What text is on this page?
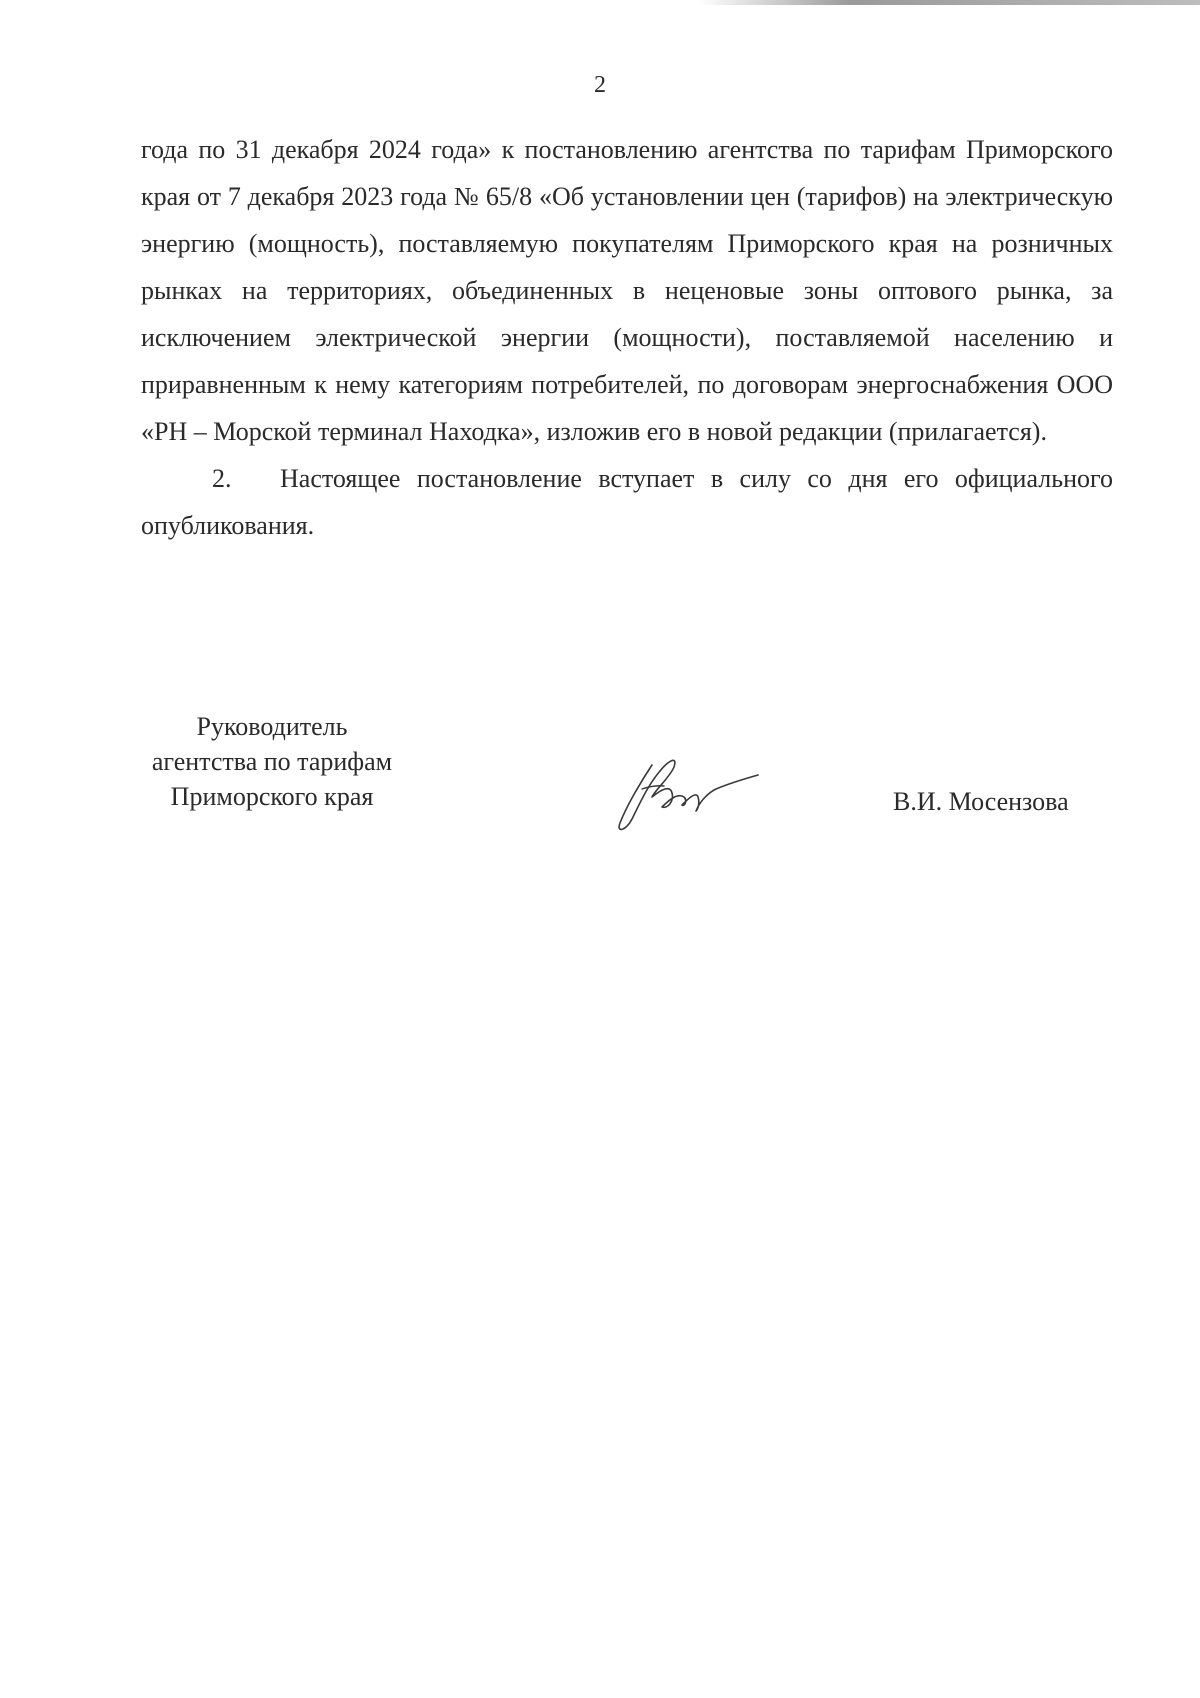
2

года по 31 декабря 2024 года» к постановлению агентства по тарифам Приморского края от 7 декабря 2023 года № 65/8 «Об установлении цен (тарифов) на электрическую энергию (мощность), поставляемую покупателям Приморского края на розничных рынках на территориях, объединенных в неценовые зоны оптового рынка, за исключением электрической энергии (мощности), поставляемой населению и приравненным к нему категориям потребителей, по договорам энергоснабжения ООО «РН – Морской терминал Находка», изложив его в новой редакции (прилагается).

2. Настоящее постановление вступает в силу со дня его официального опубликования.

Руководитель
агентства по тарифам
Приморского края	В.И. Мосензова
